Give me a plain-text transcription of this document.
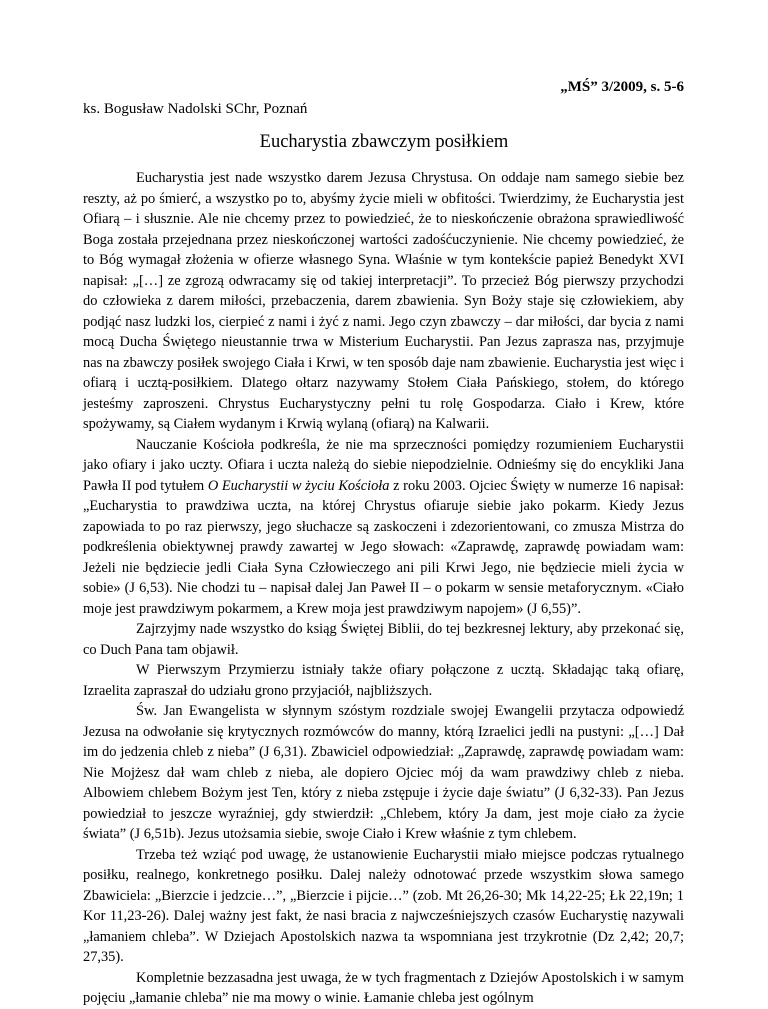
„MŚ” 3/2009, s. 5-6
ks. Bogusław Nadolski SChr, Poznań
Eucharystia zbawczym posiłkiem

Eucharystia jest nade wszystko darem Jezusa Chrystusa. On oddaje nam samego siebie bez reszty, aż po śmierć, a wszystko po to, abyśmy życie mieli w obfitości. Twierdzimy, że Eucharystia jest Ofiarą – i słusznie. Ale nie chcemy przez to powiedzieć, że to nieskończenie obrażona sprawiedliwość Boga została przejednana przez nieskończonej wartości zadośćuczynienie. Nie chcemy powiedzieć, że to Bóg wymagał złożenia w ofierze własnego Syna. Właśnie w tym kontekście papież Benedykt XVI napisał: „[…] ze zgrozą odwracamy się od takiej interpretacji”. To przecież Bóg pierwszy przychodzi do człowieka z darem miłości, przebaczenia, darem zbawienia. Syn Boży staje się człowiekiem, aby podjąć nasz ludzki los, cierpieć z nami i żyć z nami. Jego czyn zbawczy – dar miłości, dar bycia z nami mocą Ducha Świętego nieustannie trwa w Misterium Eucharystii. Pan Jezus zaprasza nas, przyjmuje nas na zbawczy posiłek swojego Ciała i Krwi, w ten sposób daje nam zbawienie. Eucharystia jest więc i ofiarą i ucztą-posiłkiem. Dlatego ołtarz nazywamy Stołem Ciała Pańskiego, stołem, do którego jesteśmy zaproszeni. Chrystus Eucharystyczny pełni tu rolę Gospodarza. Ciało i Krew, które spożywamy, są Ciałem wydanym i Krwią wylaną (ofiarą) na Kalwarii.

Nauczanie Kościoła podkreśla, że nie ma sprzeczności pomiędzy rozumieniem Eucharystii jako ofiary i jako uczty. Ofiara i uczta należą do siebie niepodzielnie. Odnieśmy się do encykliki Jana Pawła II pod tytułem O Eucharystii w życiu Kościoła z roku 2003. Ojciec Święty w numerze 16 napisał: „Eucharystia to prawdziwa uczta, na której Chrystus ofiaruje siebie jako pokarm. Kiedy Jezus zapowiada to po raz pierwszy, jego słuchacze są zaskoczeni i zdezorientowani, co zmusza Mistrza do podkreślenia obiektywnej prawdy zawartej w Jego słowach: «Zaprawdę, zaprawdę powiadam wam: Jeżeli nie będziecie jedli Ciała Syna Człowieczego ani pili Krwi Jego, nie będziecie mieli życia w sobie» (J 6,53). Nie chodzi tu – napisał dalej Jan Paweł II – o pokarm w sensie metaforycznym. «Ciało moje jest prawdziwym pokarmem, a Krew moja jest prawdziwym napojem» (J 6,55)”.

Zajrzyjmy nade wszystko do ksiąg Świętej Biblii, do tej bezkresnej lektury, aby przekonać się, co Duch Pana tam objawił.

W Pierwszym Przymierzu istniały także ofiary połączone z ucztą. Składając taką ofiarę, Izraelita zapraszał do udziału grono przyjaciół, najbliższych.

Św. Jan Ewangelista w słynnym szóstym rozdziale swojej Ewangelii przytacza odpowiedź Jezusa na odwołanie się krytycznych rozmówców do manny, którą Izraelici jedli na pustyni: „[…] Dał im do jedzenia chleb z nieba” (J 6,31). Zbawiciel odpowiedział: „Zaprawdę, zaprawdę powiadam wam: Nie Mojżesz dał wam chleb z nieba, ale dopiero Ojciec mój da wam prawdziwy chleb z nieba. Albowiem chlebem Bożym jest Ten, który z nieba zstępuje i życie daje światu” (J 6,32-33). Pan Jezus powiedział to jeszcze wyraźniej, gdy stwierdził: „Chlebem, który Ja dam, jest moje ciało za życie świata” (J 6,51b). Jezus utożsamia siebie, swoje Ciało i Krew właśnie z tym chlebem.

Trzeba też wziąć pod uwagę, że ustanowienie Eucharystii miało miejsce podczas rytualnego posiłku, realnego, konkretnego posiłku. Dalej należy odnotować przede wszystkim słowa samego Zbawiciela: „Bierzcie i jedzcie…”, „Bierzcie i pijcie…” (zob. Mt 26,26-30; Mk 14,22-25; Łk 22,19n; 1 Kor 11,23-26). Dalej ważny jest fakt, że nasi bracia z najwcześniejszych czasów Eucharystię nazywali „łamaniem chleba”. W Dziejach Apostolskich nazwa ta wspomniana jest trzykrotnie (Dz 2,42; 20,7; 27,35).

Kompletnie bezzasadna jest uwaga, że w tych fragmentach z Dziejów Apostolskich i w samym pojęciu „łamanie chleba” nie ma mowy o winie. Łamanie chleba jest ogólnym
